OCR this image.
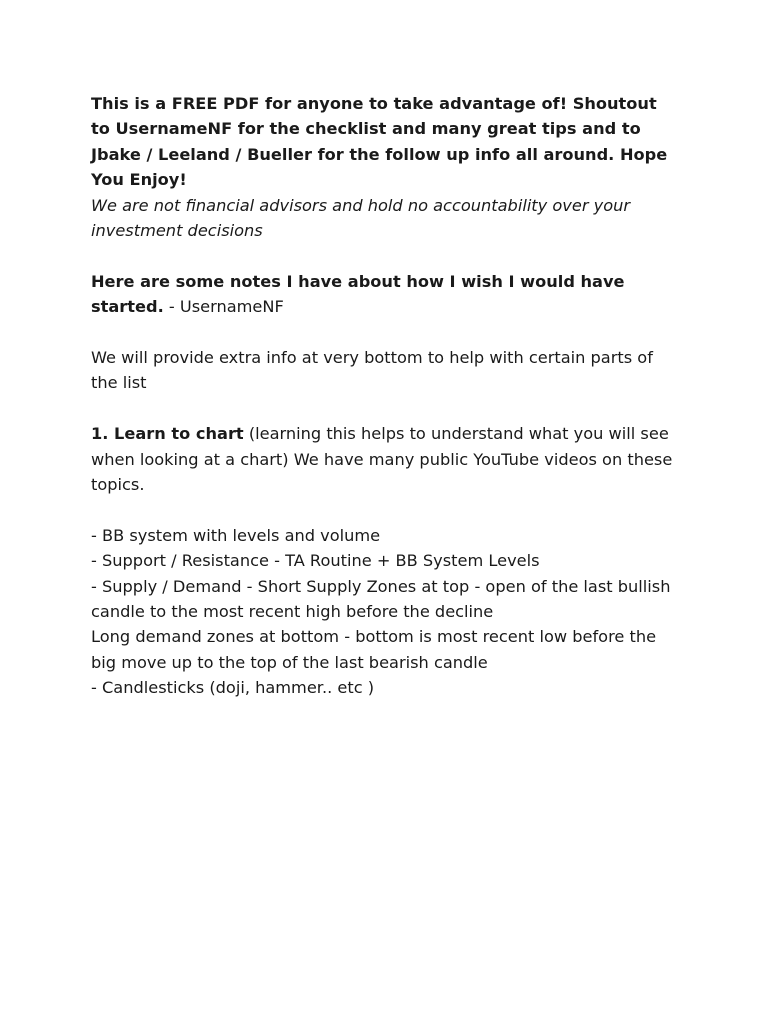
This is a FREE PDF for anyone to take advantage of! Shoutout to UsernameNF for the checklist and many great tips and to Jbake / Leeland / Bueller for the follow up info all around. Hope You Enjoy!

We are not financial advisors and hold no accountability over your investment decisions

Here are some notes I have about how I wish I would have started. - UsernameNF

We will provide extra info at very bottom to help with certain parts of the list

1. Learn to chart (learning this helps to understand what you will see when looking at a chart) We have many public YouTube videos on these topics.

- BB system with levels and volume

- Support / Resistance - TA Routine + BB System Levels

- Supply / Demand - Short Supply Zones at top - open of the last bullish candle to the most recent high before the decline

Long demand zones at bottom - bottom is most recent low before the big move up to the top of the last bearish candle

- Candlesticks (doji, hammer.. etc )
